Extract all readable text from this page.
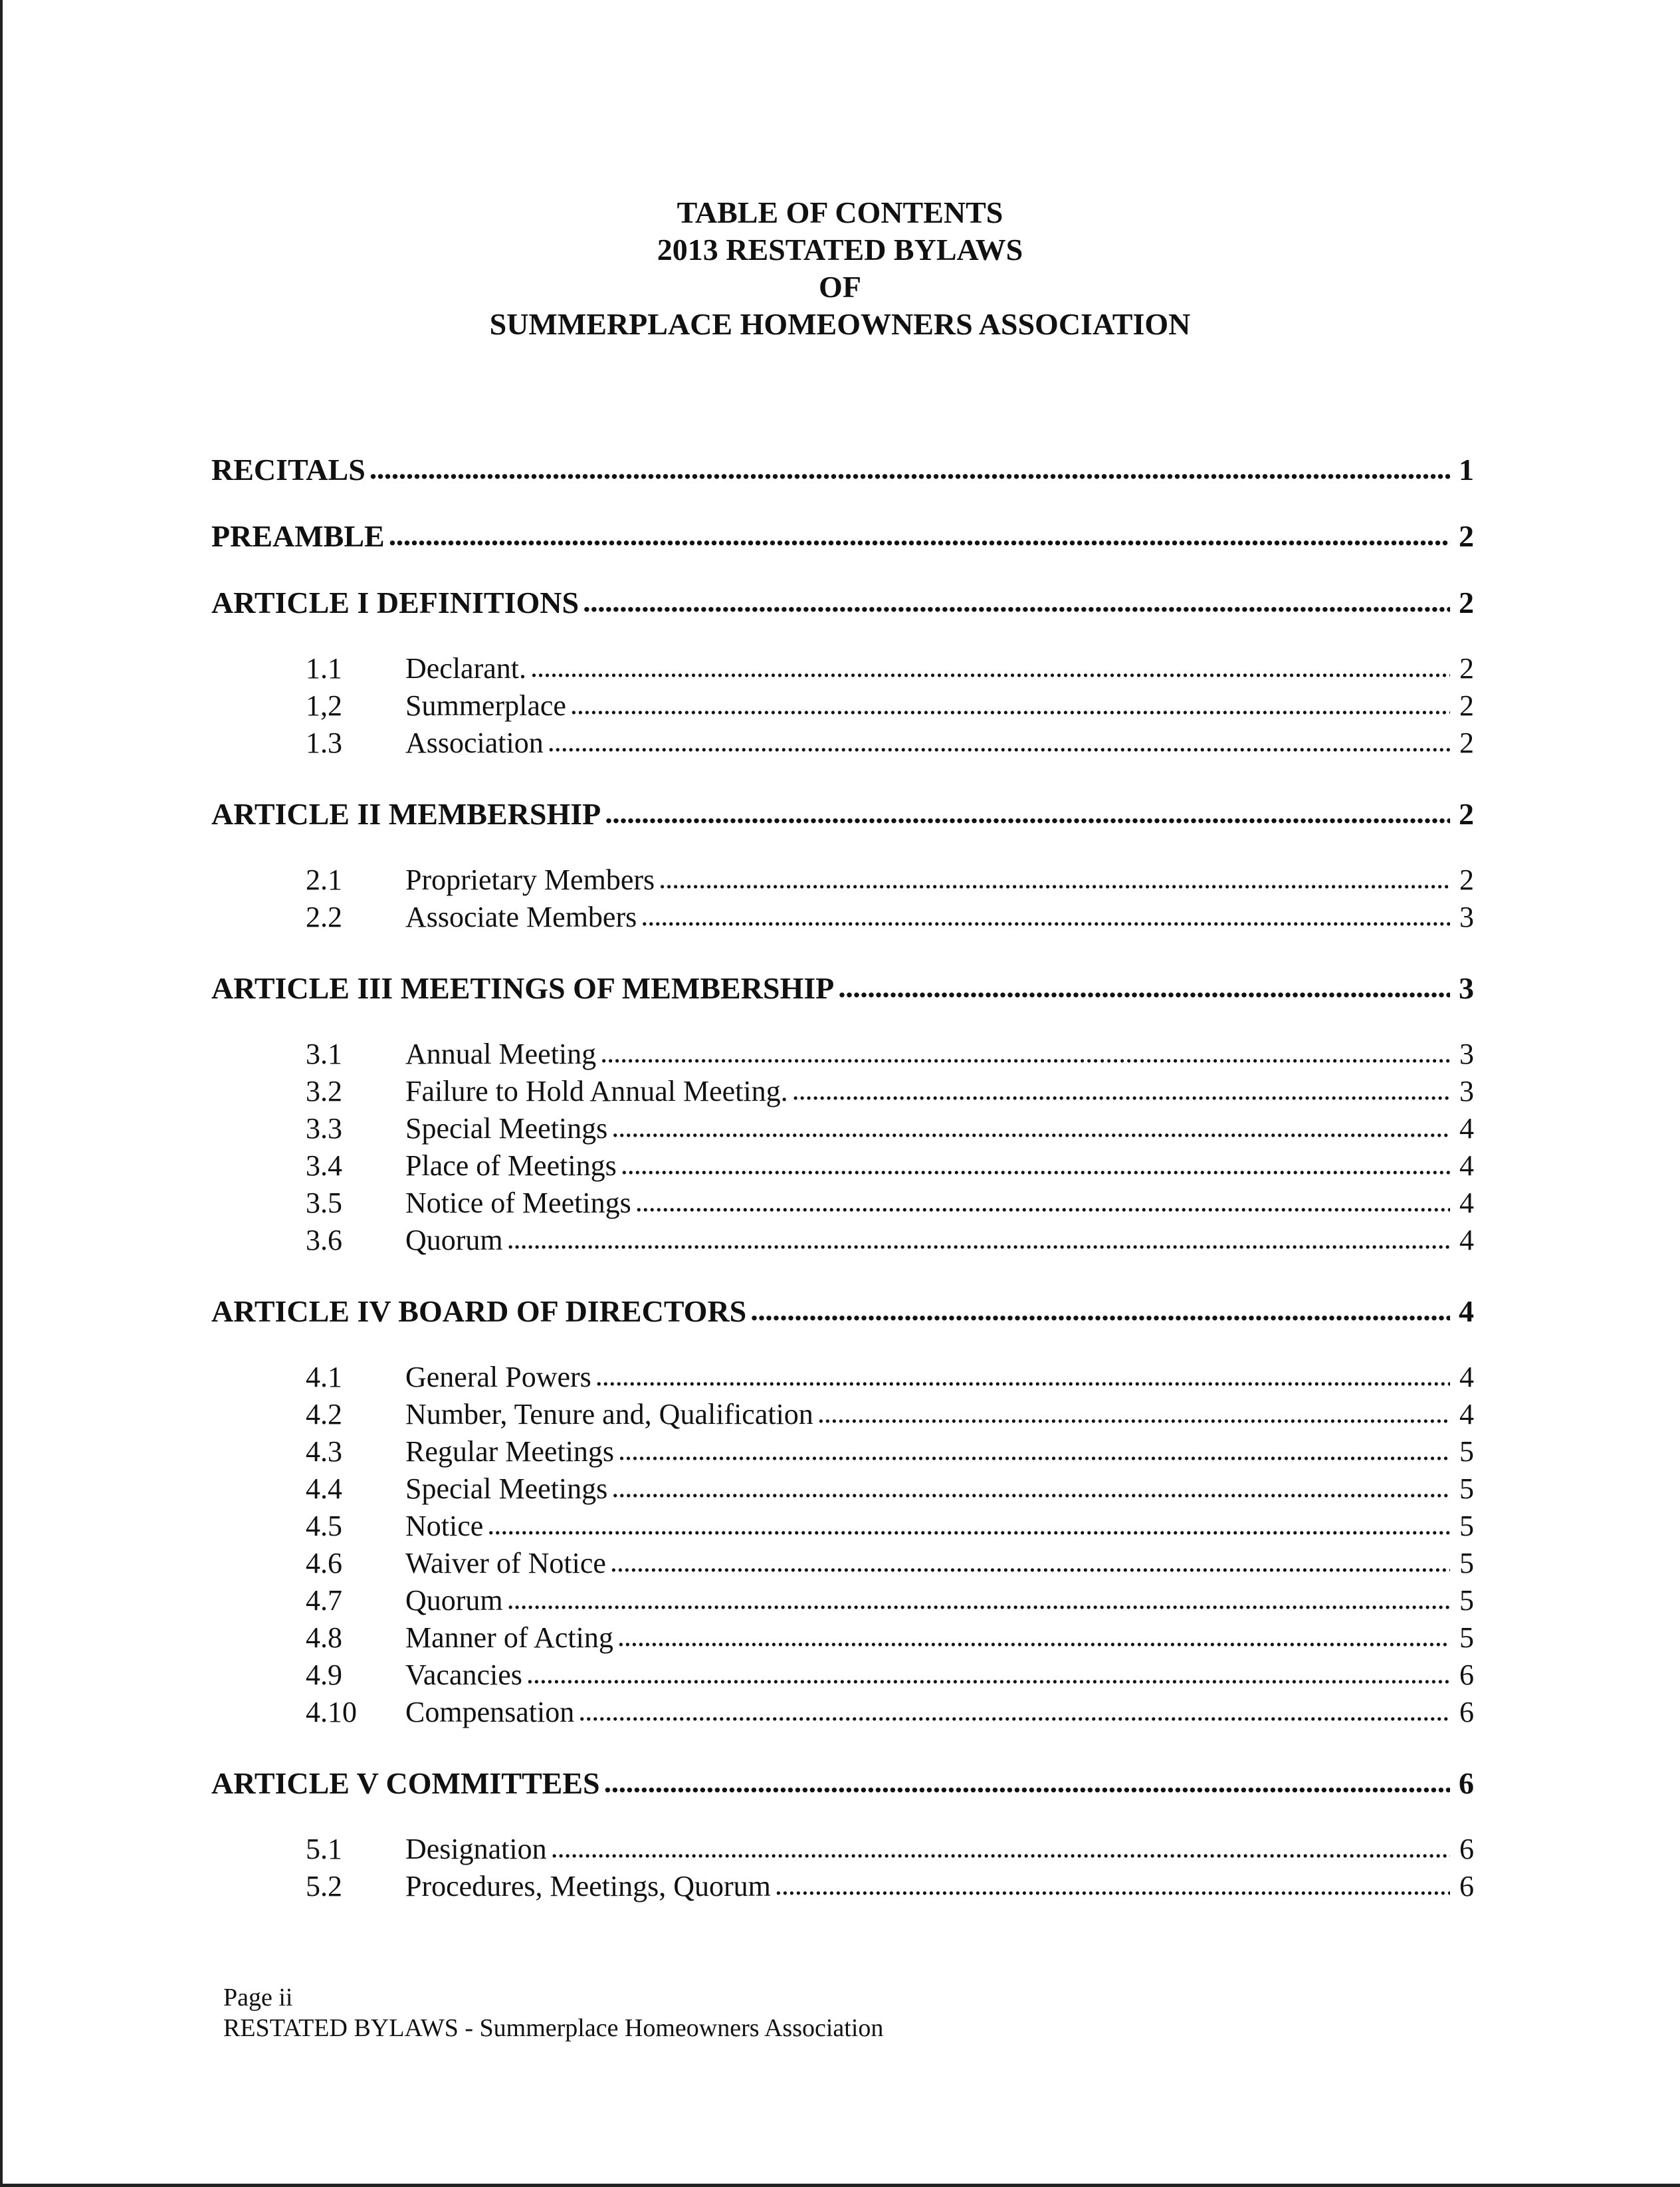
TABLE OF CONTENTS
2013 RESTATED BYLAWS
OF
SUMMERPLACE HOMEOWNERS ASSOCIATION
RECITALS . . .	1
PREAMBLE . . .	2
ARTICLE I DEFINITIONS . . .	2
1.1	Declarant. . . .	2
1,2	Summerplace . . .	2
1.3	Association . . .	2
ARTICLE II MEMBERSHIP . . .	2
2.1	Proprietary Members . . .	2
2.2	Associate Members . . .	3
ARTICLE III MEETINGS OF MEMBERSHIP . . .	3
3.1	Annual Meeting . . .	3
3.2	Failure to Hold Annual Meeting. . . .	3
3.3	Special Meetings . . .	4
3.4	Place of Meetings . . .	4
3.5	Notice of Meetings . . .	4
3.6	Quorum . . .	4
ARTICLE IV BOARD OF DIRECTORS . . .	4
4.1	General Powers . . .	4
4.2	Number, Tenure and, Qualification . . .	4
4.3	Regular Meetings . . .	5
4.4	Special Meetings . . .	5
4.5	Notice . . .	5
4.6	Waiver of Notice . . .	5
4.7	Quorum . . .	5
4.8	Manner of Acting . . .	5
4.9	Vacancies . . .	6
4.10	Compensation . . .	6
ARTICLE V COMMITTEES . . .	6
5.1	Designation . . .	6
5.2	Procedures, Meetings, Quorum . . .	6
Page ii
RESTATED BYLAWS - Summerplace Homeowners Association
